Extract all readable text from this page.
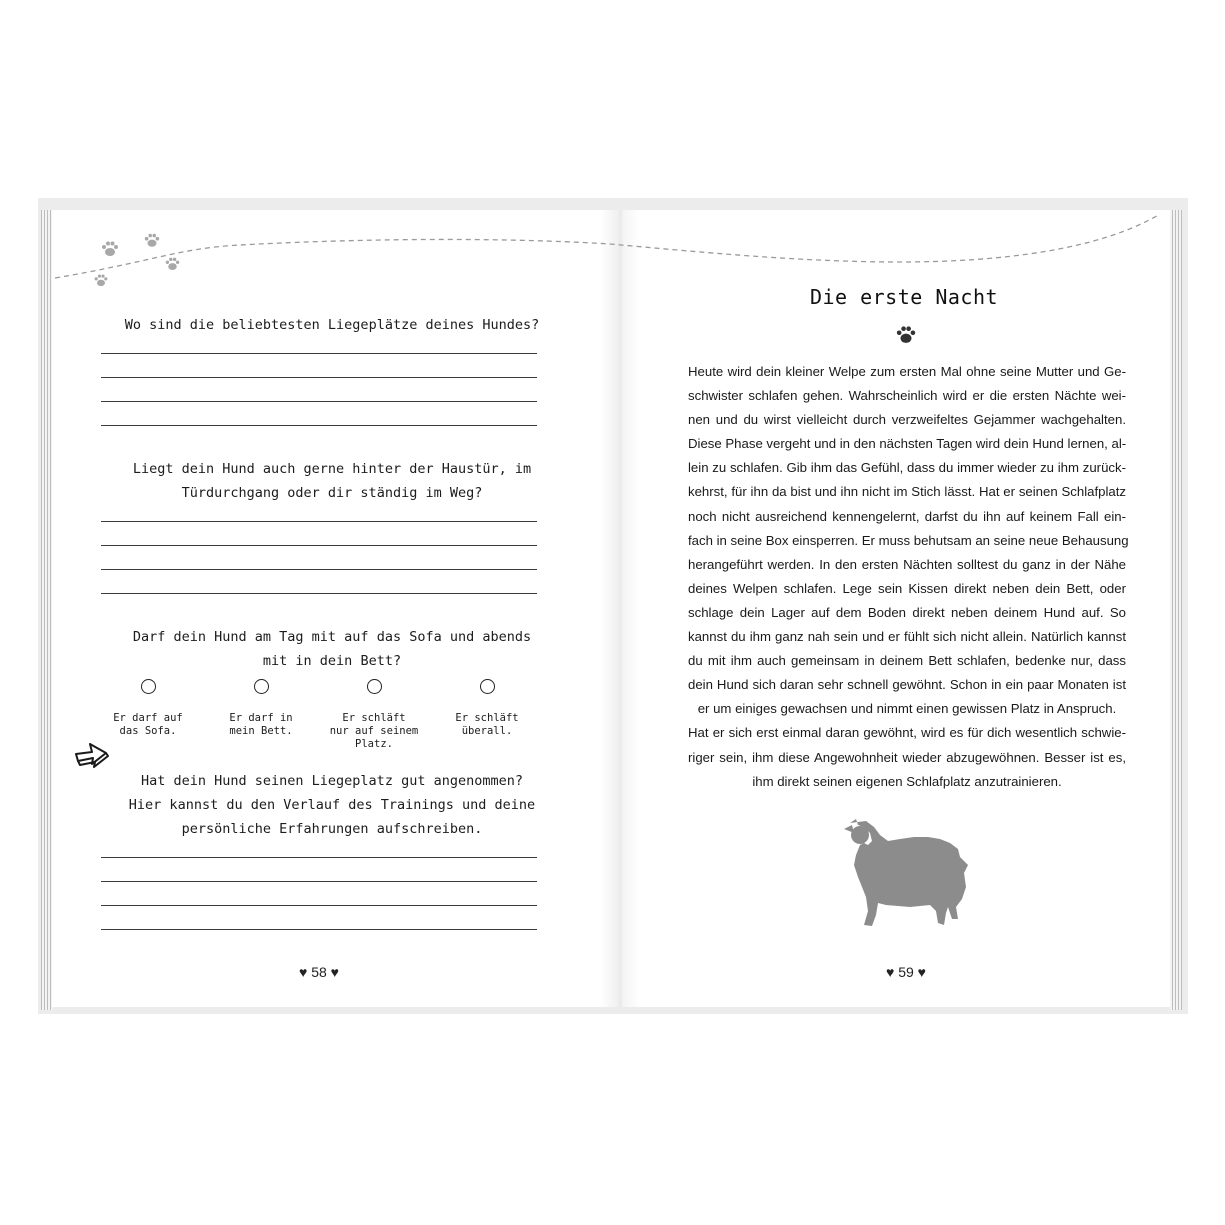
Wo sind die beliebtesten Liegeplätze deines Hundes?
Liegt dein Hund auch gerne hinter der Haustür, im
Türdurchgang oder dir ständig im Weg?
Darf dein Hund am Tag mit auf das Sofa und abends
mit in dein Bett?
Er darf auf
das Sofa.
Er darf in
mein Bett.
Er schläft
nur auf seinem
Platz.
Er schläft
überall.
Hat dein Hund seinen Liegeplatz gut angenommen?
Hier kannst du den Verlauf des Trainings und deine
persönliche Erfahrungen aufschreiben.
♥ 58 ♥
Die erste Nacht
Heute wird dein kleiner Welpe zum ersten Mal ohne seine Mutter und Ge-
schwister schlafen gehen. Wahrscheinlich wird er die ersten Nächte wei-
nen und du wirst vielleicht durch verzweifeltes Gejammer wachgehalten.
Diese Phase vergeht und in den nächsten Tagen wird dein Hund lernen, al-
lein zu schlafen. Gib ihm das Gefühl, dass du immer wieder zu ihm zurück-
kehrst, für ihn da bist und ihn nicht im Stich lässt. Hat er seinen Schlafplatz
noch nicht ausreichend kennengelernt, darfst du ihn auf keinem Fall ein-
fach in seine Box einsperren. Er muss behutsam an seine neue Behausung
herangeführt werden. In den ersten Nächten solltest du ganz in der Nähe
deines Welpen schlafen. Lege sein Kissen direkt neben dein Bett, oder
schlage dein Lager auf dem Boden direkt neben deinem Hund auf. So
kannst du ihm ganz nah sein und er fühlt sich nicht allein. Natürlich kannst
du mit ihm auch gemeinsam in deinem Bett schlafen, bedenke nur, dass
dein Hund sich daran sehr schnell gewöhnt. Schon in ein paar Monaten ist
er um einiges gewachsen und nimmt einen gewissen Platz in Anspruch.
Hat er sich erst einmal daran gewöhnt, wird es für dich wesentlich schwie-
riger sein, ihm diese Angewohnheit wieder abzugewöhnen. Besser ist es,
ihm direkt seinen eigenen Schlafplatz anzutrainieren.
♥ 59 ♥
